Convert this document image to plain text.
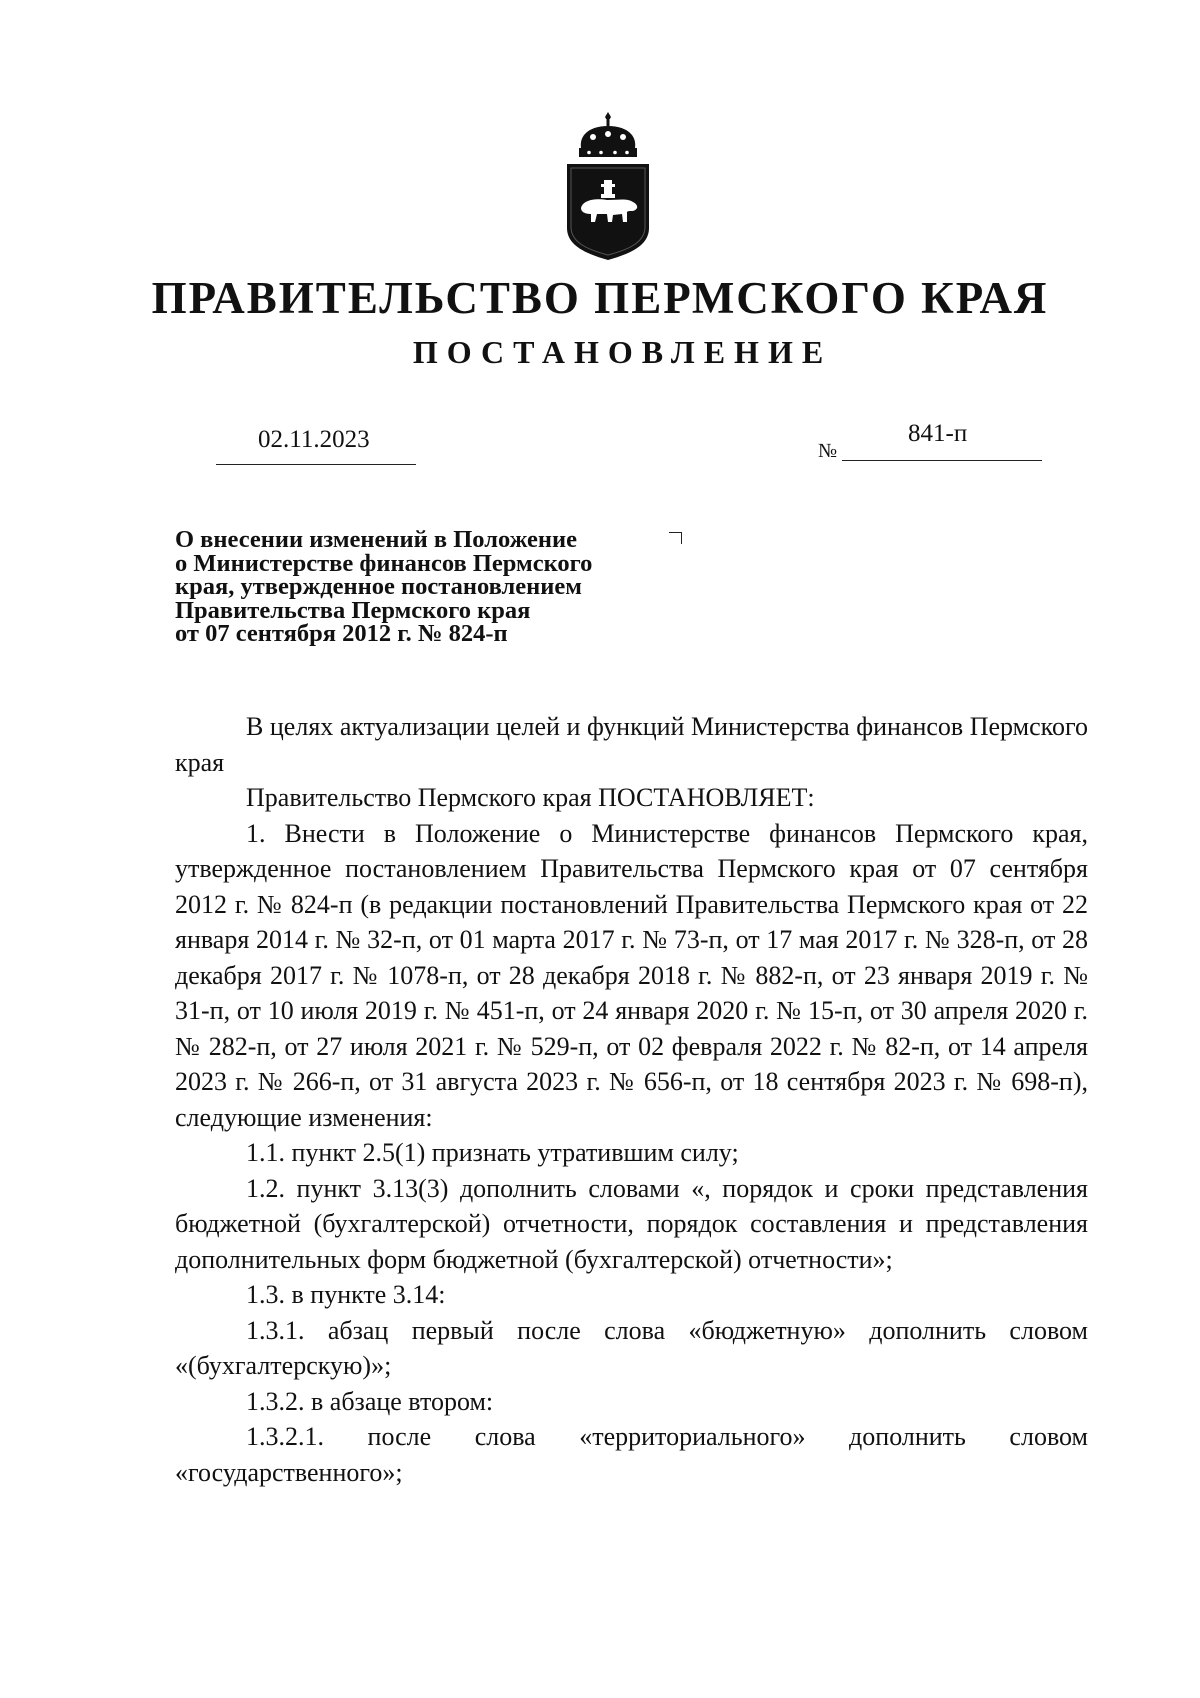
ПРАВИТЕЛЬСТВО ПЕРМСКОГО КРАЯ
ПОСТАНОВЛЕНИЕ
02.11.2023	№
841-п
О внесении изменений в Положение
о Министерстве финансов Пермского
края, утвержденное постановлением
Правительства Пермского края
от 07 сентября 2012 г. № 824-п

В целях актуализации целей и функций Министерства финансов Пермского края

Правительство Пермского края ПОСТАНОВЛЯЕТ:

1. Внести в Положение о Министерстве финансов Пермского края, утвержденное постановлением Правительства Пермского края от 07 сентября 2012 г. № 824-п (в редакции постановлений Правительства Пермского края от 22 января 2014 г. № 32-п, от 01 марта 2017 г. № 73-п, от 17 мая 2017 г. № 328-п, от 28 декабря 2017 г. № 1078-п, от 28 декабря 2018 г. № 882-п, от 23 января 2019 г. № 31-п, от 10 июля 2019 г. № 451-п, от 24 января 2020 г. № 15-п, от 30 апреля 2020 г. № 282-п, от 27 июля 2021 г. № 529-п, от 02 февраля 2022 г. № 82-п, от 14 апреля 2023 г. № 266-п, от 31 августа 2023 г. № 656-п, от 18 сентября 2023 г. № 698-п), следующие изменения:

1.1. пункт 2.5(1) признать утратившим силу;

1.2. пункт 3.13(3) дополнить словами «, порядок и сроки представления бюджетной (бухгалтерской) отчетности, порядок составления и представления дополнительных форм бюджетной (бухгалтерской) отчетности»;

1.3. в пункте 3.14:

1.3.1. абзац первый после слова «бюджетную» дополнить словом «(бухгалтерскую)»;

1.3.2. в абзаце втором:

1.3.2.1. после слова «территориального» дополнить словом «государственного»;
